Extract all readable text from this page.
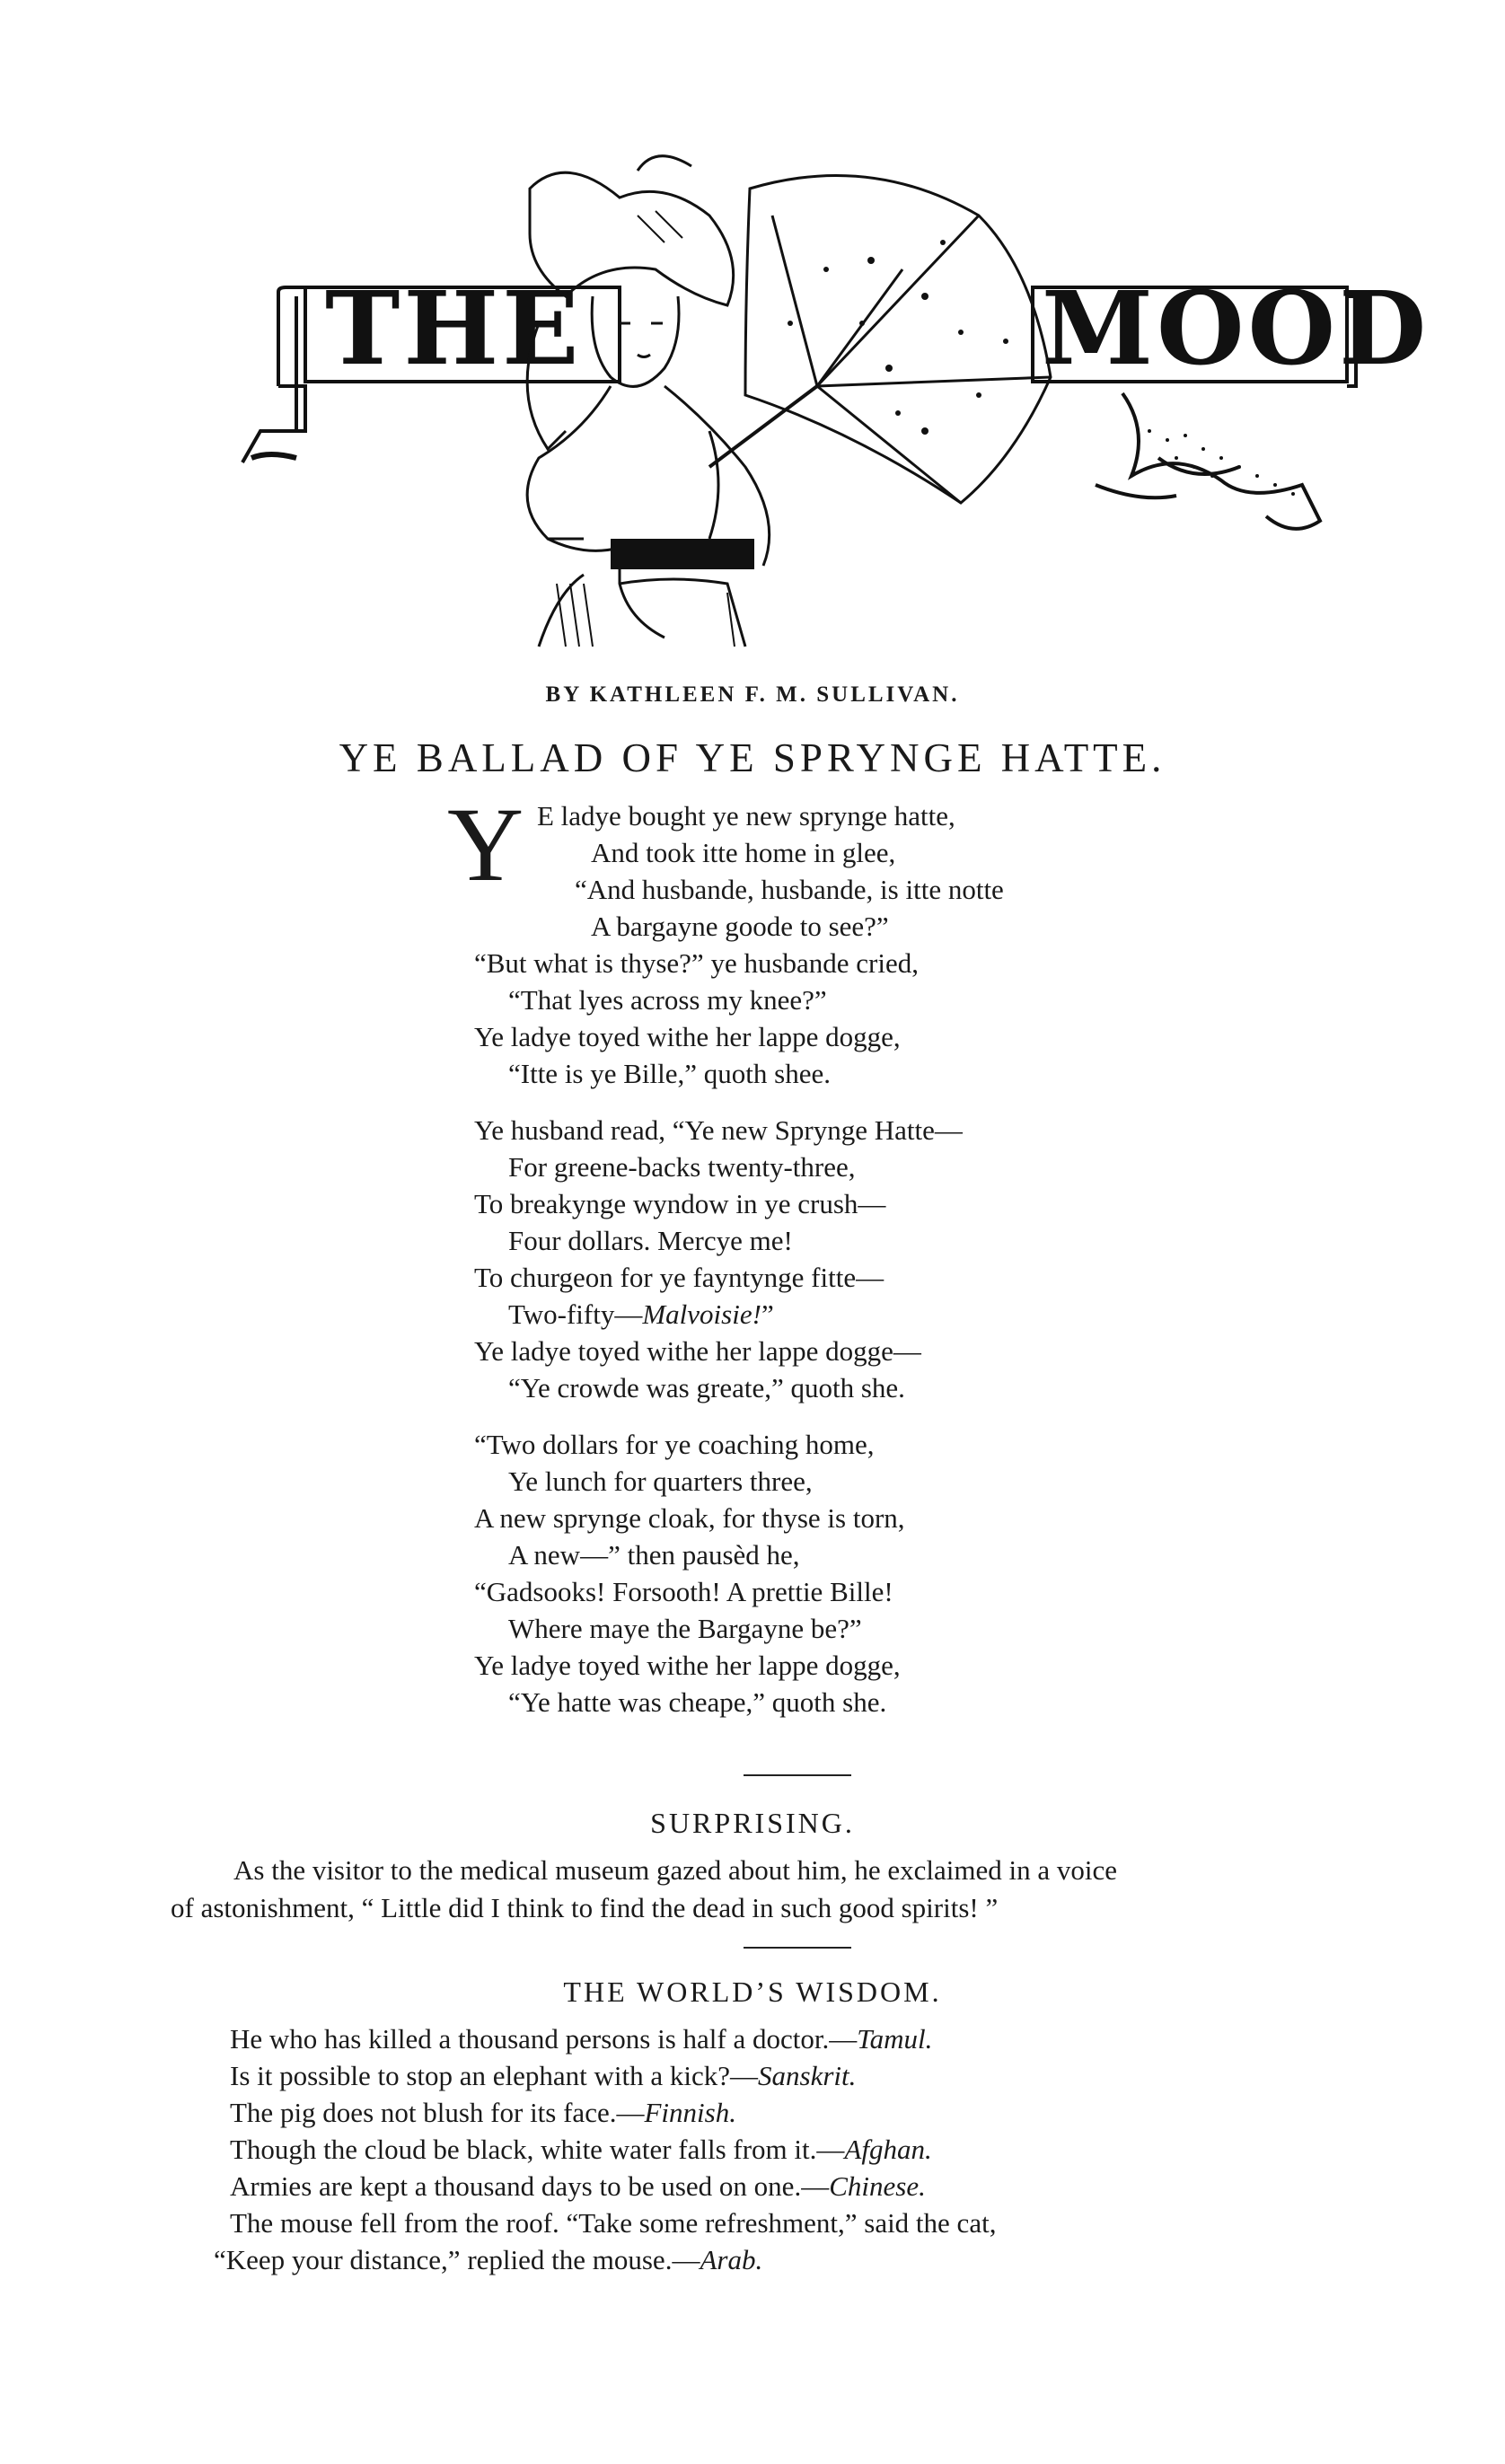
THE	MOOD
BY KATHLEEN F. M. SULLIVAN.
YE BALLAD OF YE SPRYNGE HATTE.
Y E ladye bought ye new sprynge hatte,
And took itte home in glee,
“And husbande, husbande, is itte notte
A bargayne goode to see?”
“But what is thyse?” ye husbande cried,
“That lyes across my knee?”
Ye ladye toyed withe her lappe dogge,
“Itte is ye Bille,” quoth shee.
Ye husband read, “Ye new Sprynge Hatte—
For greene-backs twenty-three,
To breakynge wyndow in ye crush—
Four dollars. Mercye me!
To churgeon for ye fayntynge fitte—
Two-fifty—Malvoisie!”
Ye ladye toyed withe her lappe dogge—
“Ye crowde was greate,” quoth she.
“Two dollars for ye coaching home,
Ye lunch for quarters three,
A new sprynge cloak, for thyse is torn,
A new—” then pausèd he,
“Gadsooks! Forsooth! A prettie Bille!
Where maye the Bargayne be?”
Ye ladye toyed withe her lappe dogge,
“Ye hatte was cheape,” quoth she.
SURPRISING.
As the visitor to the medical museum gazed about him, he exclaimed in a voice
of astonishment, “ Little did I think to find the dead in such good spirits! ”
THE WORLD’S WISDOM.
He who has killed a thousand persons is half a doctor.—Tamul.
Is it possible to stop an elephant with a kick?—Sanskrit.
The pig does not blush for its face.—Finnish.
Though the cloud be black, white water falls from it.—Afghan.
Armies are kept a thousand days to be used on one.—Chinese.
The mouse fell from the roof. “Take some refreshment,” said the cat,
“Keep your distance,” replied the mouse.—Arab.
